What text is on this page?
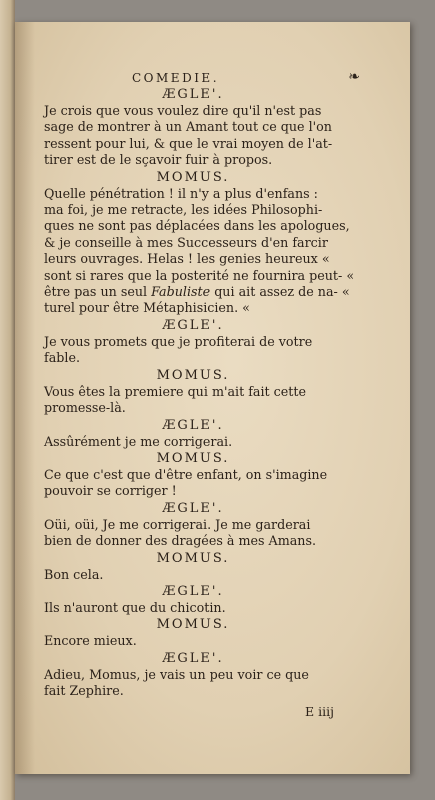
COMEDIE.	❧
ÆGLE'.
Je crois que vous voulez dire qu'il n'est pas
sage de montrer à un Amant tout ce que l'on
ressent pour lui, & que le vrai moyen de l'at-
tirer est de le sçavoir fuir à propos.
MOMUS.
Quelle pénétration ! il n'y a plus d'enfans :
ma foi, je me retracte, les idées Philosophi-
ques ne sont pas déplacées dans les apologues,
& je conseille à mes Successeurs d'en farcir
leurs ouvrages. Helas ! les genies heureux «
sont si rares que la posterité ne fournira peut- «
être pas un seul Fabuliste qui ait assez de na- «
turel pour être Métaphisicien. «
ÆGLE'.
Je vous promets que je profiterai de votre
fable.
MOMUS.
Vous êtes la premiere qui m'ait fait cette
promesse-là.
ÆGLE'.
Assûrément je me corrigerai.
MOMUS.
Ce que c'est que d'être enfant, on s'imagine
pouvoir se corriger !
ÆGLE'.
Oüi, oüi, Je me corrigerai. Je me garderai
bien de donner des dragées à mes Amans.
MOMUS.
Bon cela.
ÆGLE'.
Ils n'auront que du chicotin.
MOMUS.
Encore mieux.
ÆGLE'.
Adieu, Momus, je vais un peu voir ce que
fait Zephire.
E iiij
